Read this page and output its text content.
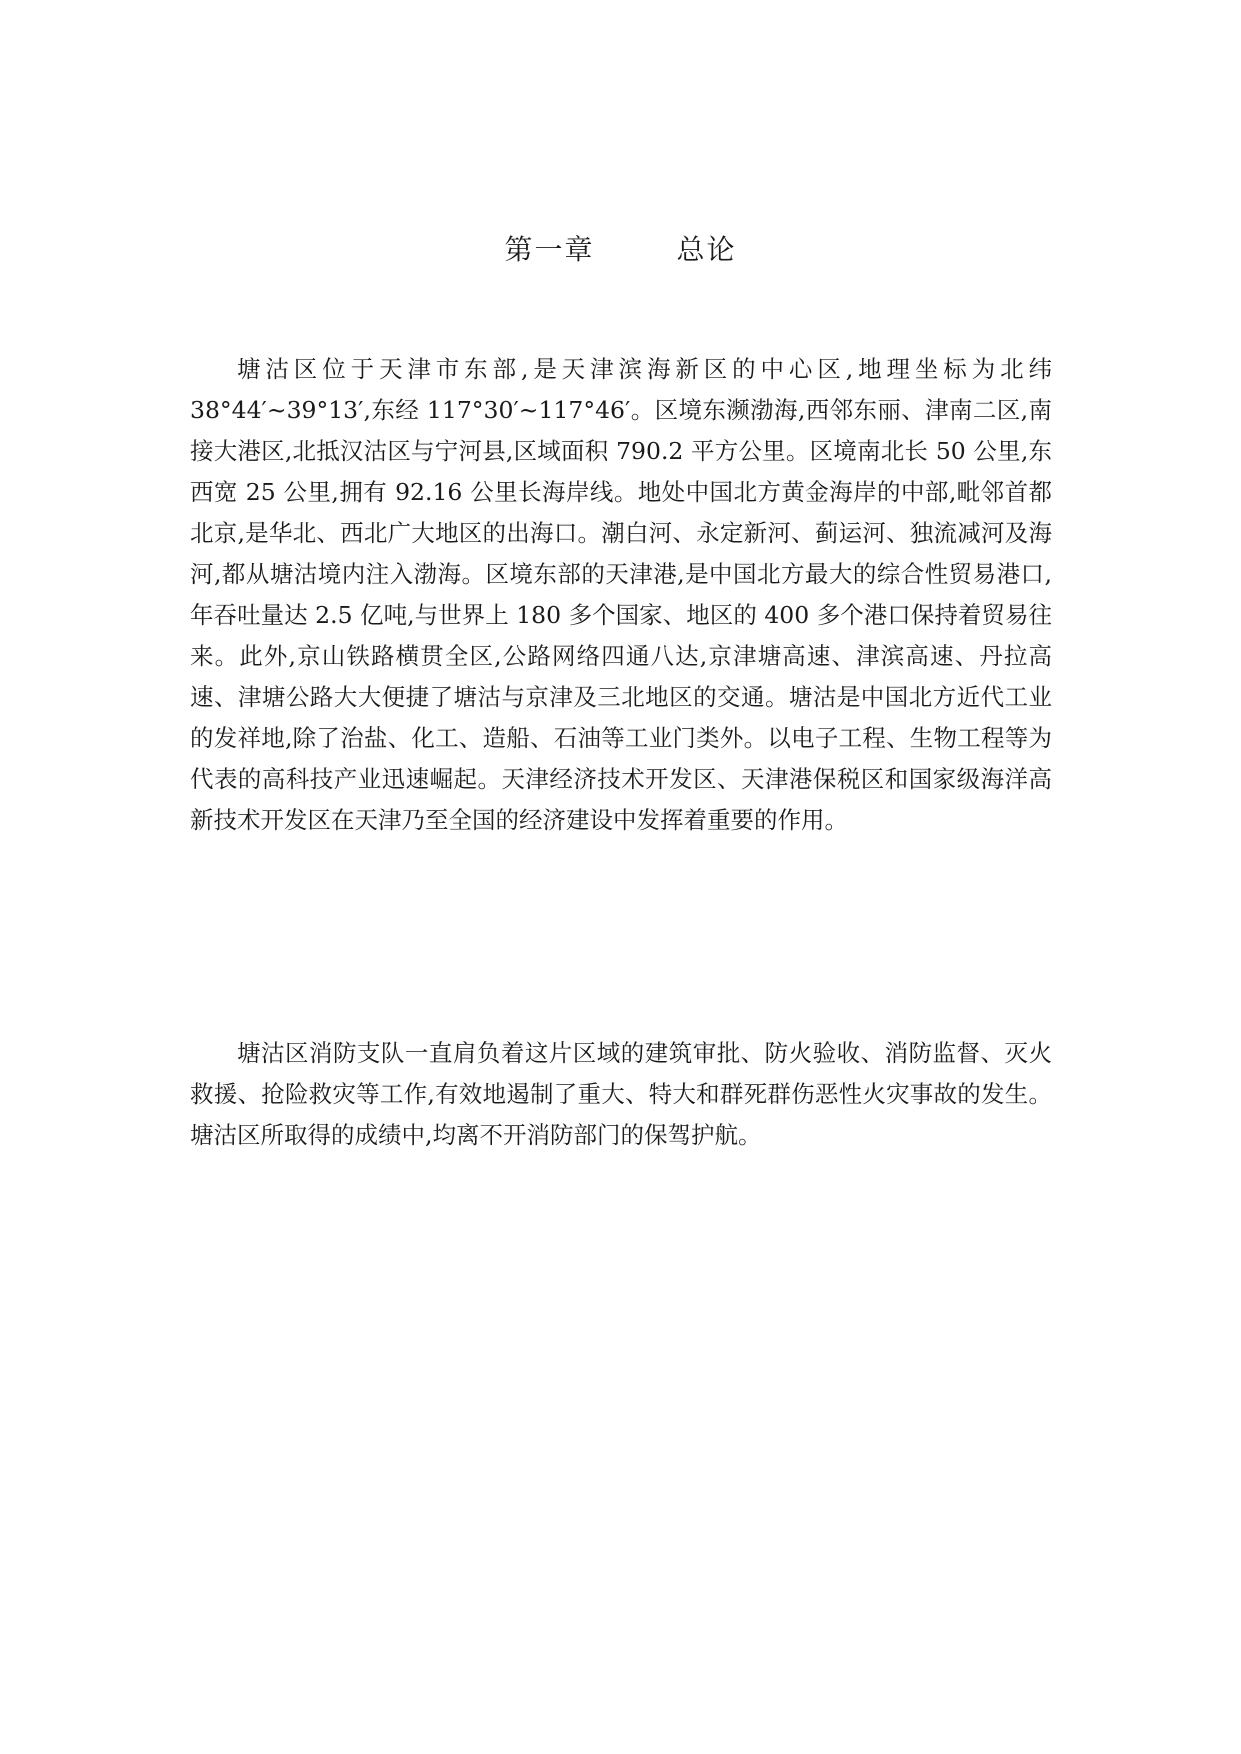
第一章	总论

塘沽区位于天津市东部,是天津滨海新区的中心区,地理坐标为北纬 38°44′~39°13′,东经 117°30′~117°46′。区境东濒渤海,西邻东丽、津南二区,南接大港区,北抵汉沽区与宁河县,区域面积 790.2 平方公里。区境南北长 50 公里,东西宽 25 公里,拥有 92.16 公里长海岸线。地处中国北方黄金海岸的中部,毗邻首都北京,是华北、西北广大地区的出海口。潮白河、永定新河、蓟运河、独流减河及海河,都从塘沽境内注入渤海。区境东部的天津港,是中国北方最大的综合性贸易港口,年吞吐量达 2.5 亿吨,与世界上 180 多个国家、地区的 400 多个港口保持着贸易往来。此外,京山铁路横贯全区,公路网络四通八达,京津塘高速、津滨高速、丹拉高速、津塘公路大大便捷了塘沽与京津及三北地区的交通。塘沽是中国北方近代工业的发祥地,除了治盐、化工、造船、石油等工业门类外。以电子工程、生物工程等为代表的高科技产业迅速崛起。天津经济技术开发区、天津港保税区和国家级海洋高新技术开发区在天津乃至全国的经济建设中发挥着重要的作用。

塘沽区消防支队一直肩负着这片区域的建筑审批、防火验收、消防监督、灭火救援、抢险救灾等工作,有效地遏制了重大、特大和群死群伤恶性火灾事故的发生。塘沽区所取得的成绩中,均离不开消防部门的保驾护航。
